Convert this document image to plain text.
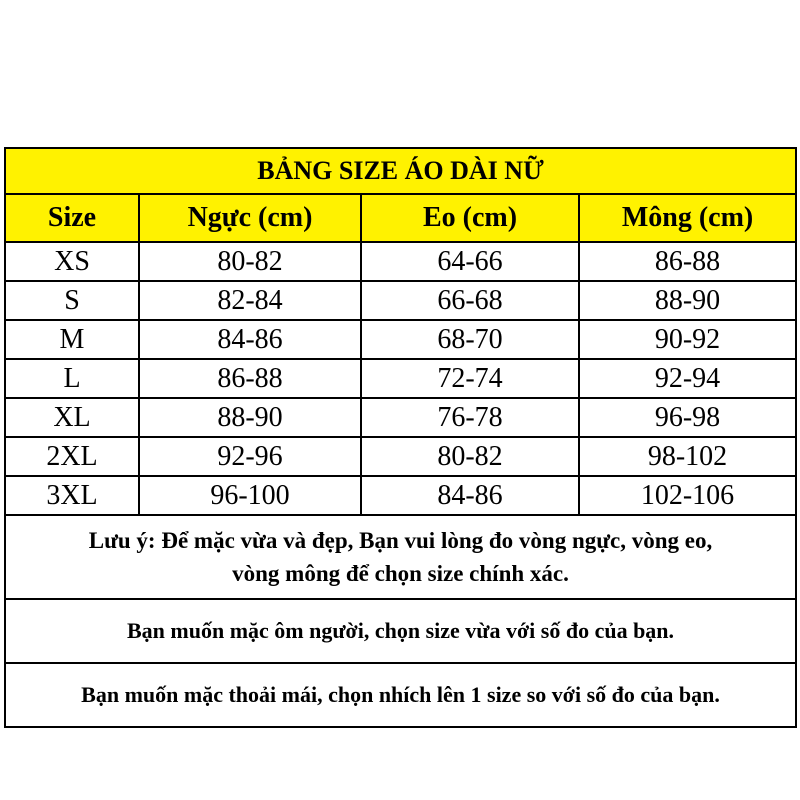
BẢNG SIZE ÁO DÀI NỮ			
Size	Ngực (cm)	Eo (cm)	Mông (cm)
XS	80-82	64-66	86-88
S	82-84	66-68	88-90
M	84-86	68-70	90-92
L	86-88	72-74	92-94
XL	88-90	76-78	96-98
2XL	92-96	80-82	98-102
3XL	96-100	84-86	102-106

Lưu ý: Để mặc vừa và đẹp, Bạn vui lòng đo vòng ngực, vòng eo,
vòng mông để chọn size chính xác.			

Bạn muốn mặc ôm người, chọn size vừa với số đo của bạn.			
Bạn muốn mặc thoải mái, chọn nhích lên 1 size so với số đo của bạn.			
